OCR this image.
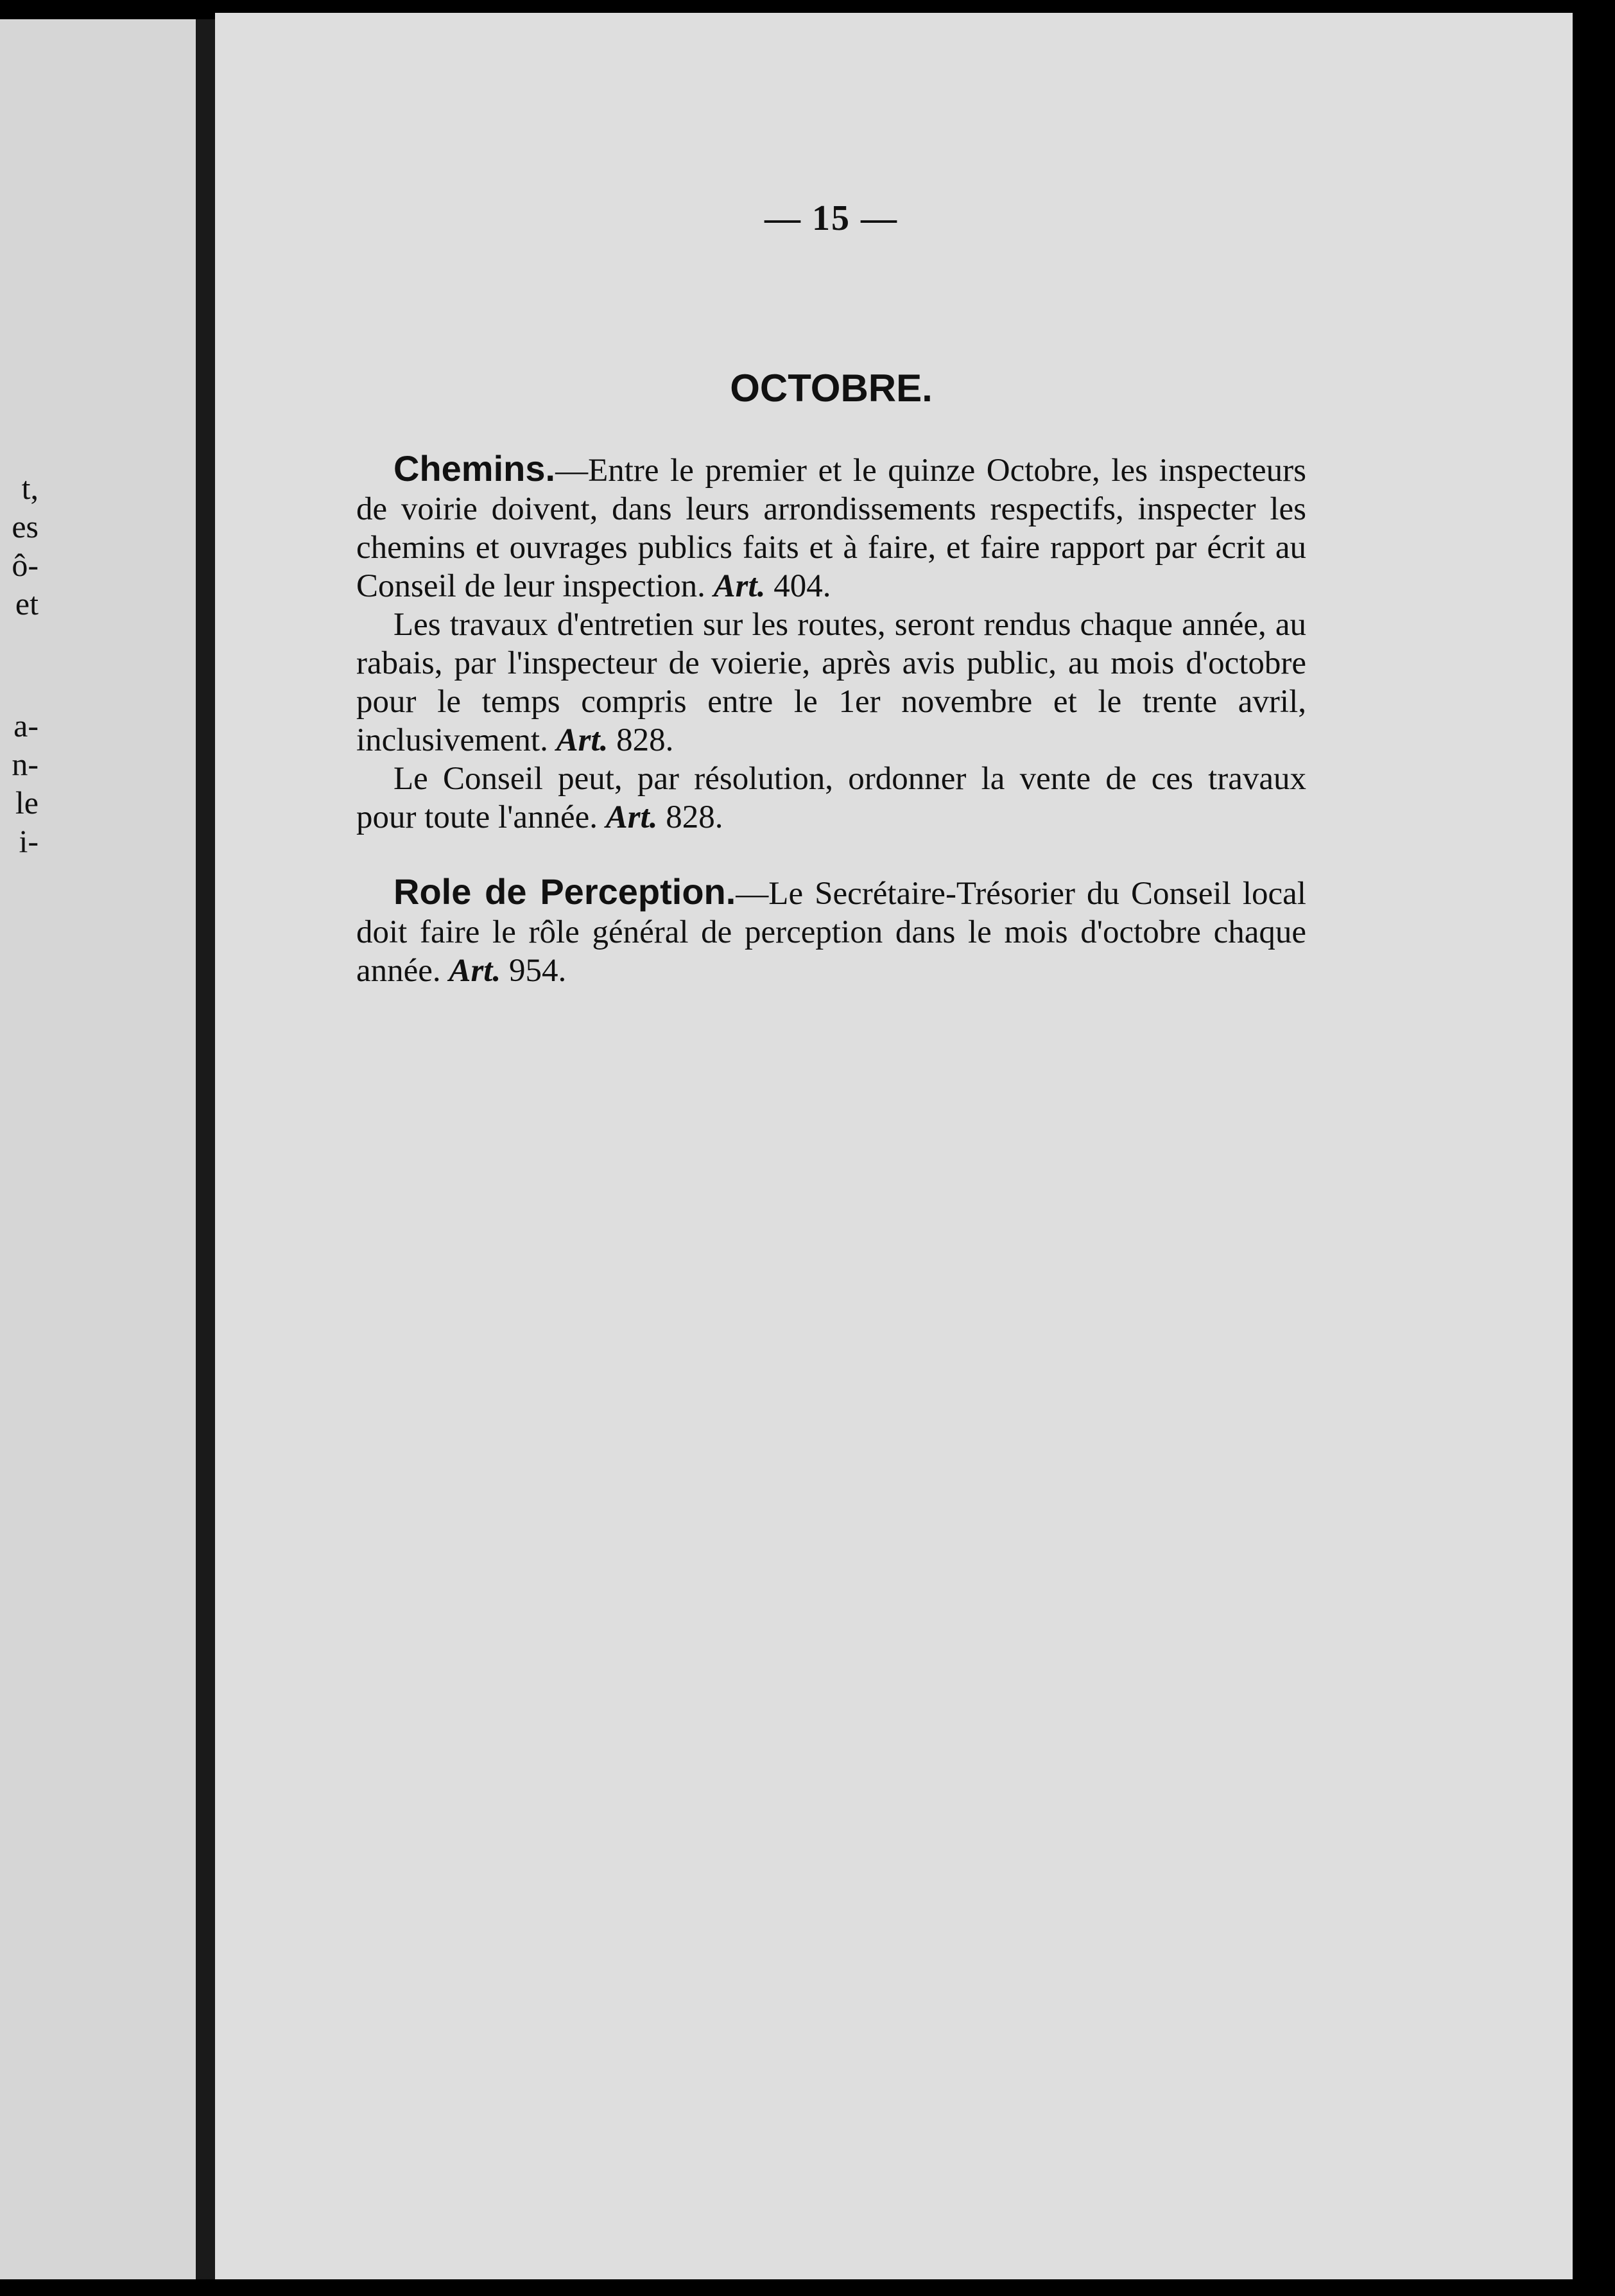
t,
es
ô-
et
a-
n-
le
i-
— 15 —
OCTOBRE.

Chemins.—Entre le premier et le quinze Octobre, les inspecteurs de voirie doivent, dans leurs arrondissements respectifs, inspecter les chemins et ouvrages publics faits et à faire, et faire rapport par écrit au Conseil de leur inspection. Art. 404.

Les travaux d'entretien sur les routes, seront rendus chaque année, au rabais, par l'inspecteur de voierie, après avis public, au mois d'octobre pour le temps compris entre le 1er novembre et le trente avril, inclusivement. Art. 828.

Le Conseil peut, par résolution, ordonner la vente de ces travaux pour toute l'année. Art. 828.

Role de Perception.—Le Secrétaire-Trésorier du Conseil local doit faire le rôle général de perception dans le mois d'octobre chaque année. Art. 954.
